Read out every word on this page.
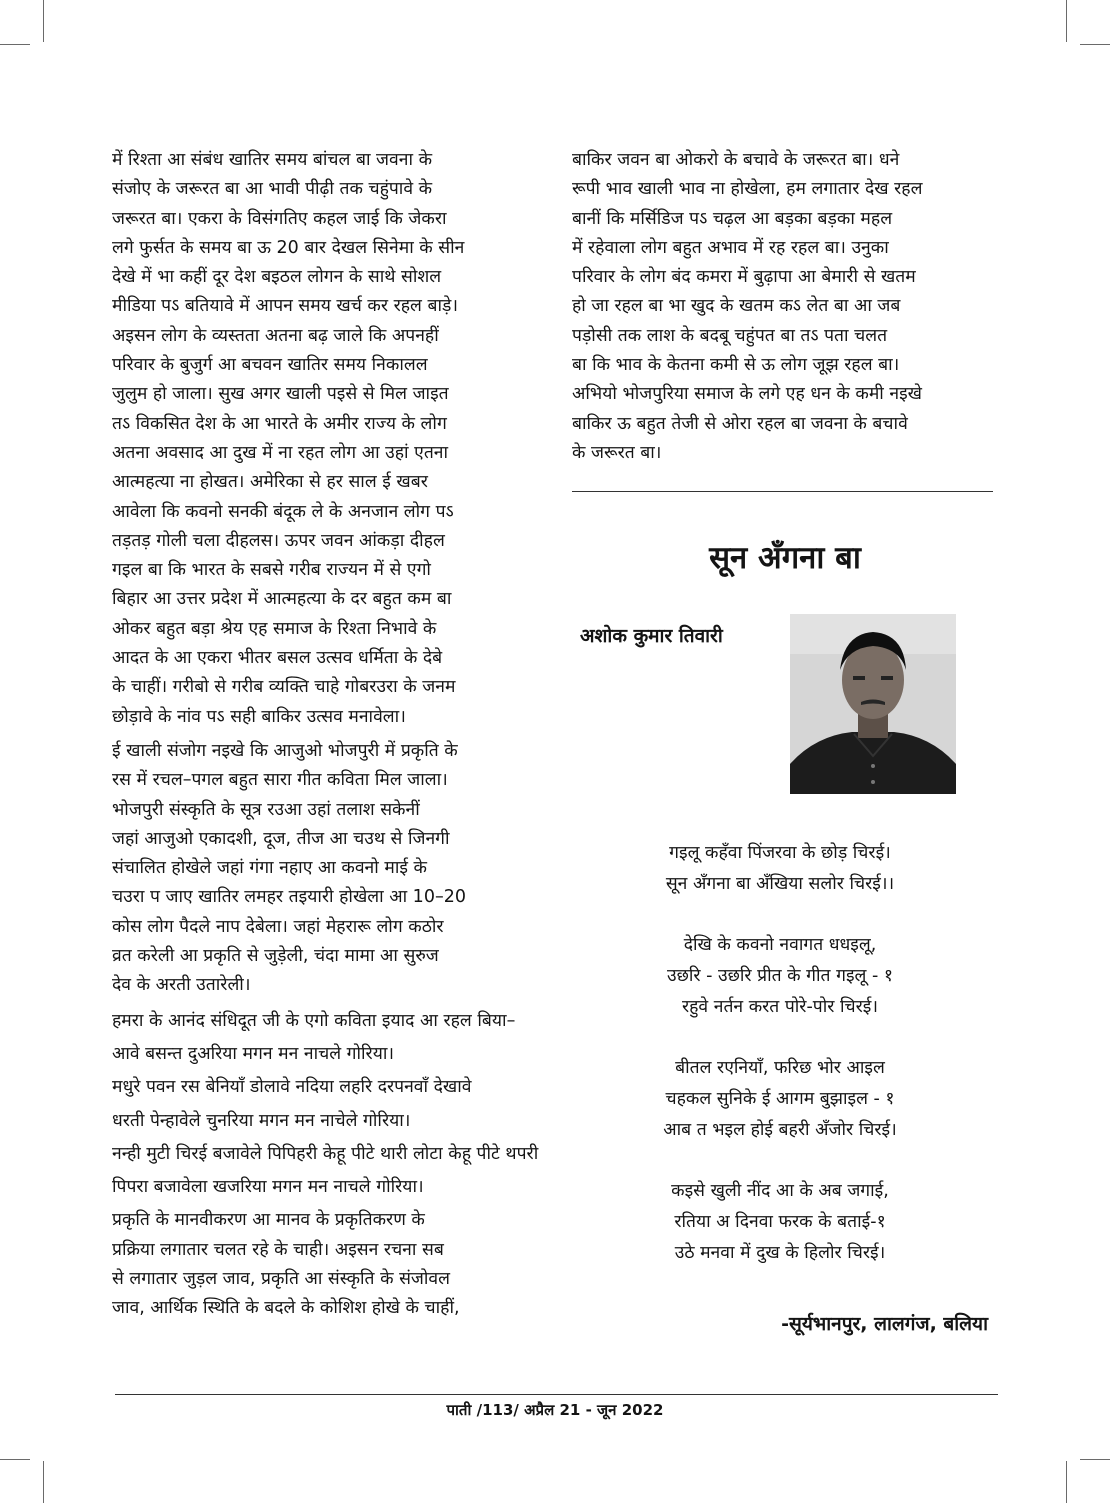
में रिश्ता आ संबंध खातिर समय बांचल बा जवना के

संजोए के जरूरत बा आ भावी पीढ़ी तक चहुंपावे के

जरूरत बा। एकरा के विसंगतिए कहल जाई कि जेकरा

लगे फुर्सत के समय बा ऊ 20 बार देखल सिनेमा के सीन

देखे में भा कहीं दूर देश बइठल लोगन के साथे सोशल

मीडिया पऽ बतियावे में आपन समय खर्च कर रहल बाड़े।

अइसन लोग के व्यस्तता अतना बढ़ जाले कि अपनहीं

परिवार के बुजुर्ग आ बचवन खातिर समय निकालल

जुलुम हो जाला। सुख अगर खाली पइसे से मिल जाइत

तऽ विकसित देश के आ भारते के अमीर राज्य के लोग

अतना अवसाद आ दुख में ना रहत लोग आ उहां एतना

आत्महत्या ना होखत। अमेरिका से हर साल ई खबर

आवेला कि कवनो सनकी बंदूक ले के अनजान लोग पऽ

तड़तड़ गोली चला दीहलस। ऊपर जवन आंकड़ा दीहल

गइल बा कि भारत के सबसे गरीब राज्यन में से एगो

बिहार आ उत्तर प्रदेश में आत्महत्या के दर बहुत कम बा

ओकर बहुत बड़ा श्रेय एह समाज के रिश्ता निभावे के

आदत के आ एकरा भीतर बसल उत्सव धर्मिता के देबे

के चाहीं। गरीबो से गरीब व्यक्ति चाहे गोबरउरा के जनम

छोड़ावे के नांव पऽ सही बाकिर उत्सव मनावेला।

ई खाली संजोग नइखे कि आजुओ भोजपुरी में प्रकृति के

रस में रचल–पगल बहुत सारा गीत कविता मिल जाला।

भोजपुरी संस्कृति के सूत्र रउआ उहां तलाश सकेनीं

जहां आजुओ एकादशी, दूज, तीज आ चउथ से जिनगी

संचालित होखेले जहां गंगा नहाए आ कवनो माई के

चउरा प जाए खातिर लमहर तइयारी होखेला आ 10–20

कोस लोग पैदले नाप देबेला। जहां मेहरारू लोग कठोर

व्रत करेली आ प्रकृति से जुड़ेली, चंदा मामा आ सुरुज

देव के अरती उतारेली।

हमरा के आनंद संधिदूत जी के एगो कविता इयाद आ रहल बिया–

आवे बसन्त दुअरिया मगन मन नाचले गोरिया।

मधुरे पवन रस बेनियाँ डोलावे नदिया लहरि दरपनवाँ देखावे

धरती पेन्हावेले चुनरिया मगन मन नाचेले गोरिया।

नन्ही मुटी चिरई बजावेले पिपिहरी केहू पीटे थारी लोटा केहू पीटे थपरी

पिपरा बजावेला खजरिया मगन मन नाचले गोरिया।

प्रकृति के मानवीकरण आ मानव के प्रकृतिकरण के

प्रक्रिया लगातार चलत रहे के चाही। अइसन रचना सब

से लगातार जुड़ल जाव, प्रकृति आ संस्कृति के संजोवल

जाव, आर्थिक स्थिति के बदले के कोशिश होखे के चाहीं,

बाकिर जवन बा ओकरो के बचावे के जरूरत बा। धने

रूपी भाव खाली भाव ना होखेला, हम लगातार देख रहल

बानीं कि मर्सिडिज पऽ चढ़ल आ बड़का बड़का महल

में रहेवाला लोग बहुत अभाव में रह रहल बा। उनुका

परिवार के लोग बंद कमरा में बुढ़ापा आ बेमारी से खतम

हो जा रहल बा भा खुद के खतम कऽ लेत बा आ जब

पड़ोसी तक लाश के बदबू चहुंपत बा तऽ पता चलत

बा कि भाव के केतना कमी से ऊ लोग जूझ रहल बा।

अभियो भोजपुरिया समाज के लगे एह धन के कमी नइखे

बाकिर ऊ बहुत तेजी से ओरा रहल बा जवना के बचावे

के जरूरत बा।

सून अँगना बा
अशोक कुमार तिवारी
गइलू कहँवा पिंजरवा के छोड़ चिरई।
सून अँगना बा अँखिया सलोर चिरई।।
देखि के कवनो नवागत धधइलू,
उछरि - उछरि प्रीत के गीत गइलू - १
रहुवे नर्तन करत पोरे-पोर चिरई।
बीतल रएनियाँ, फरिछ भोर आइल
चहकल सुनिके ई आगम बुझाइल - १
आब त भइल होई बहरी अँजोर चिरई।
कइसे खुली नींद आ के अब जगाई,
रतिया अ दिनवा फरक के बताई-१
उठे मनवा में दुख के हिलोर चिरई।
-सूर्यभानपुर, लालगंज, बलिया
पाती /113/ अप्रैल 21 - जून 2022
